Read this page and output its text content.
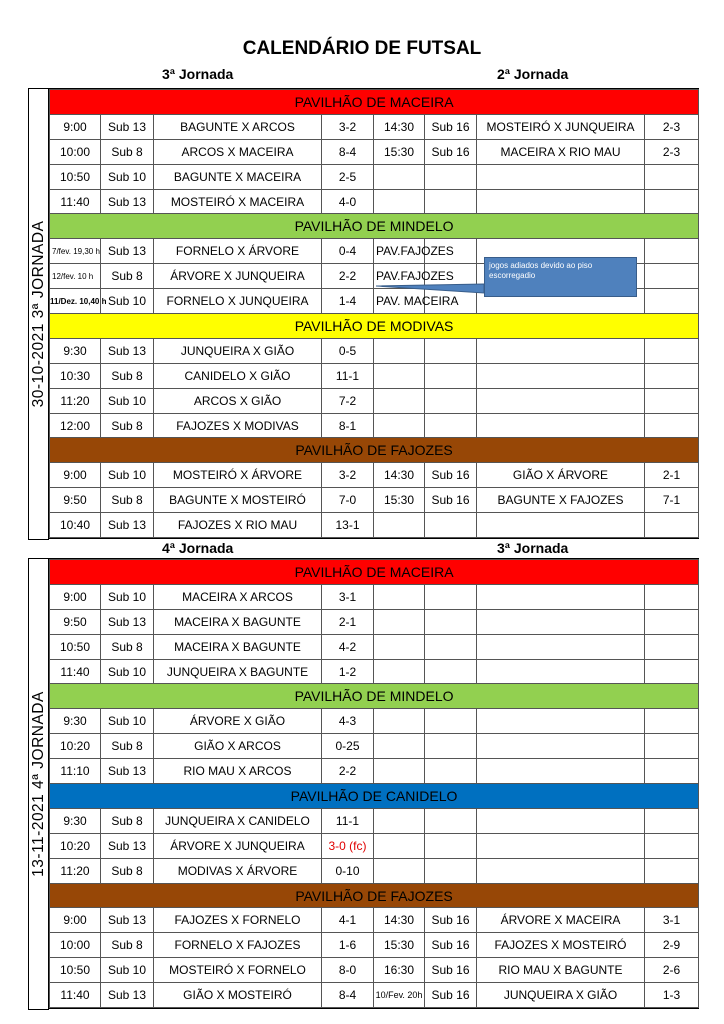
CALENDÁRIO DE FUTSAL
3ª Jornada	2ª Jornada
30-10-2021 3ª JORNADA
PAVILHÃO DE MACEIRA							
9:00	Sub 13	BAGUNTE X ARCOS	3-2	14:30	Sub 16	MOSTEIRÓ X JUNQUEIRA	2-3
10:00	Sub 8	ARCOS X MACEIRA	8-4	15:30	Sub 16	MACEIRA X RIO MAU	2-3
10:50	Sub 10	BAGUNTE X MACEIRA	2-5				
11:40	Sub 13	MOSTEIRÓ X MACEIRA	4-0				
PAVILHÃO DE MINDELO							
7/fev. 19,30 h	Sub 13	FORNELO X ÁRVORE	0-4	PAV.FAJOZES			
12/fev. 10 h	Sub 8	ÁRVORE X JUNQUEIRA	2-2	PAV.FAJOZES			
11/Dez. 10,40 h	Sub 10	FORNELO X JUNQUEIRA	1-4	PAV. MACEIRA			
PAVILHÃO DE MODIVAS							
9:30	Sub 13	JUNQUEIRA X GIÃO	0-5				
10:30	Sub 8	CANIDELO X GIÃO	11-1				
11:20	Sub 10	ARCOS X GIÃO	7-2				
12:00	Sub 8	FAJOZES X MODIVAS	8-1				
PAVILHÃO DE FAJOZES							
9:00	Sub 10	MOSTEIRÓ X ÁRVORE	3-2	14:30	Sub 16	GIÃO X ÁRVORE	2-1
9:50	Sub 8	BAGUNTE X MOSTEIRÓ	7-0	15:30	Sub 16	BAGUNTE X FAJOZES	7-1
10:40	Sub 13	FAJOZES X RIO MAU	13-1				
jogos adiados devido ao piso escorregadio
4ª Jornada	3ª Jornada
13-11-2021 4ª JORNADA
PAVILHÃO DE MACEIRA							
9:00	Sub 10	MACEIRA X ARCOS	3-1				
9:50	Sub 13	MACEIRA X BAGUNTE	2-1				
10:50	Sub 8	MACEIRA X BAGUNTE	4-2				
11:40	Sub 10	JUNQUEIRA X BAGUNTE	1-2				
PAVILHÃO DE MINDELO							
9:30	Sub 10	ÁRVORE X GIÃO	4-3				
10:20	Sub 8	GIÃO X ARCOS	0-25				
11:10	Sub 13	RIO MAU X ARCOS	2-2				
PAVILHÃO DE CANIDELO							
9:30	Sub 8	JUNQUEIRA X CANIDELO	11-1				
10:20	Sub 13	ÁRVORE X JUNQUEIRA	3-0 (fc)				
11:20	Sub 8	MODIVAS X ÁRVORE	0-10				
PAVILHÃO DE FAJOZES							
9:00	Sub 13	FAJOZES X FORNELO	4-1	14:30	Sub 16	ÁRVORE X MACEIRA	3-1
10:00	Sub 8	FORNELO X FAJOZES	1-6	15:30	Sub 16	FAJOZES X MOSTEIRÓ	2-9
10:50	Sub 10	MOSTEIRÓ X FORNELO	8-0	16:30	Sub 16	RIO MAU X BAGUNTE	2-6
11:40	Sub 13	GIÃO X MOSTEIRÓ	8-4	10/Fev. 20h	Sub 16	JUNQUEIRA X GIÃO	1-3
